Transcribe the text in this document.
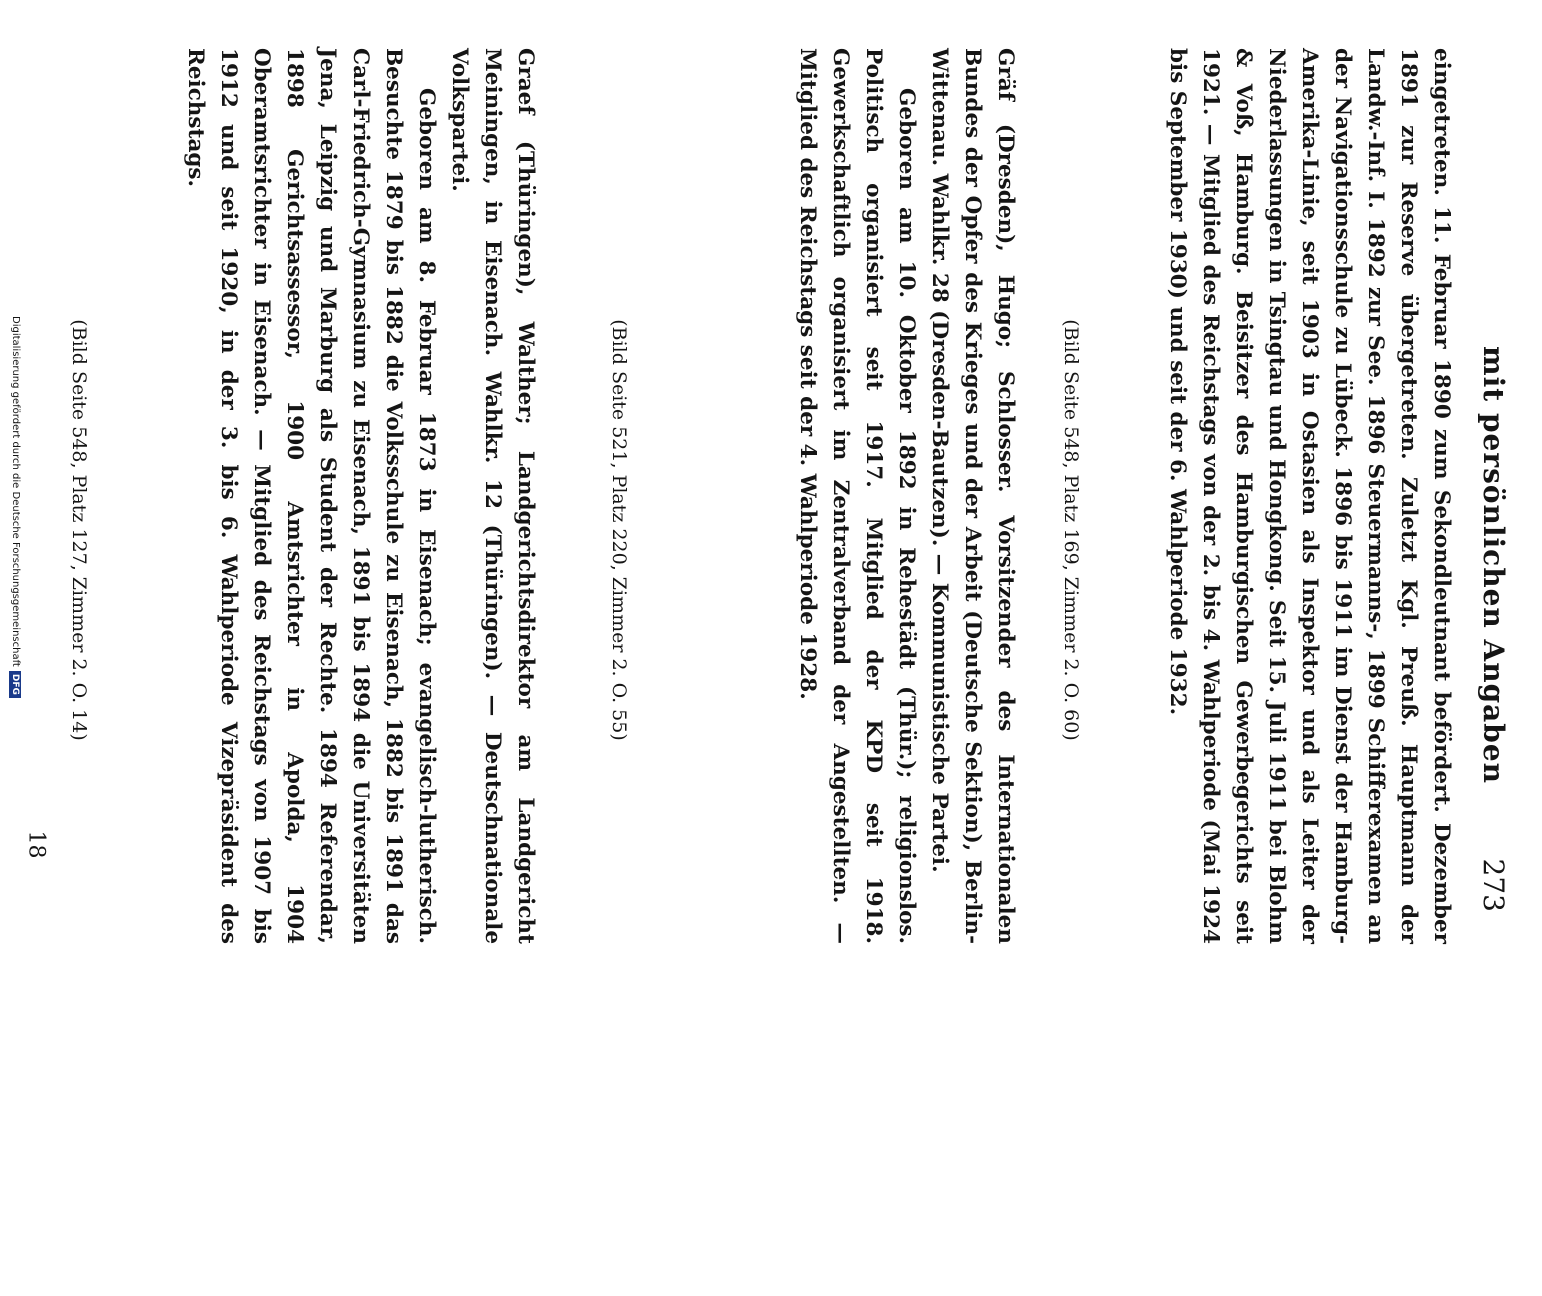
mit persönlichen Angaben
273

eingetreten. 11. Februar 1890 zum Sekondleutnant befördert. Dezember 1891 zur Reserve übergetreten. Zuletzt Kgl. Preuß. Hauptmann der Landw.-Inf. I. 1892 zur See. 1896 Steuermanns-, 1899 Schifferexamen an der Navigationsschule zu Lübeck. 1896 bis 1911 im Dienst der Hamburg-Amerika-Linie, seit 1903 in Ostasien als Inspektor und als Leiter der Niederlassungen in Tsingtau und Hongkong. Seit 15. Juli 1911 bei Blohm & Voß, Hamburg. Beisitzer des Hamburgischen Gewerbegerichts seit 1921. — Mitglied des Reichstags von der 2. bis 4. Wahlperiode (Mai 1924 bis September 1930) und seit der 6. Wahlperiode 1932.

(Bild Seite 548, Platz 169, Zimmer 2. O. 60)

Gräf (Dresden), Hugo; Schlosser. Vorsitzender des Internationalen Bundes der Opfer des Krieges und der Arbeit (Deutsche Sektion), Berlin-Wittenau. Wahlkr. 28 (Dresden-Bautzen). — Kommunistische Partei.

Geboren am 10. Oktober 1892 in Rehestädt (Thür.); religionslos. Politisch organisiert seit 1917. Mitglied der KPD seit 1918. Gewerkschaftlich organisiert im Zentralverband der Angestellten. — Mitglied des Reichstags seit der 4. Wahlperiode 1928.

(Bild Seite 521, Platz 220, Zimmer 2. O. 55)

Graef (Thüringen), Walther; Landgerichtsdirektor am Landgericht Meiningen, in Eisenach. Wahlkr. 12 (Thüringen). — Deutschnationale Volkspartei.

Geboren am 8. Februar 1873 in Eisenach; evangelisch-lutherisch. Besuchte 1879 bis 1882 die Volksschule zu Eisenach, 1882 bis 1891 das Carl-Friedrich-Gymnasium zu Eisenach, 1891 bis 1894 die Universitäten Jena, Leipzig und Marburg als Student der Rechte. 1894 Referendar, 1898 Gerichtsassessor, 1900 Amtsrichter in Apolda, 1904 Oberamtsrichter in Eisenach. — Mitglied des Reichstags von 1907 bis 1912 und seit 1920, in der 3. bis 6. Wahlperiode Vizepräsident des Reichstags.

(Bild Seite 548, Platz 127, Zimmer 2. O. 14)
18
Digitalisierung gefördert durch die Deutsche ForschungsgemeinschaftDFG
